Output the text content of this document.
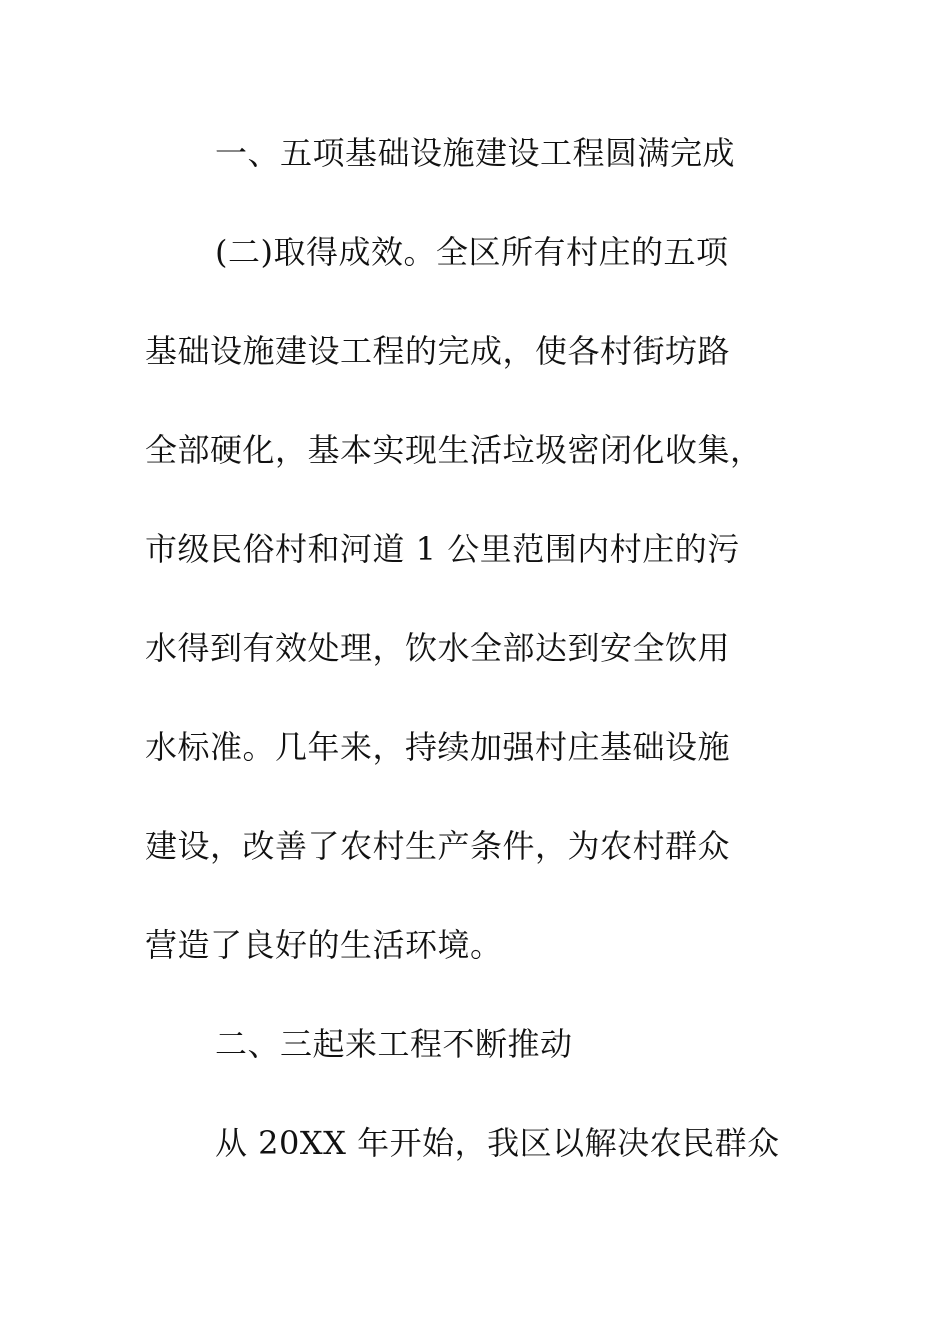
一、五项基础设施建设工程圆满完成
(二)取得成效。全区所有村庄的五项
基础设施建设工程的完成，使各村街坊路
全部硬化，基本实现生活垃圾密闭化收集，
市级民俗村和河道 1 公里范围内村庄的污
水得到有效处理，饮水全部达到安全饮用
水标准。几年来，持续加强村庄基础设施
建设，改善了农村生产条件，为农村群众
营造了良好的生活环境。
二、三起来工程不断推动
从 20XX 年开始，我区以解决农民群众
